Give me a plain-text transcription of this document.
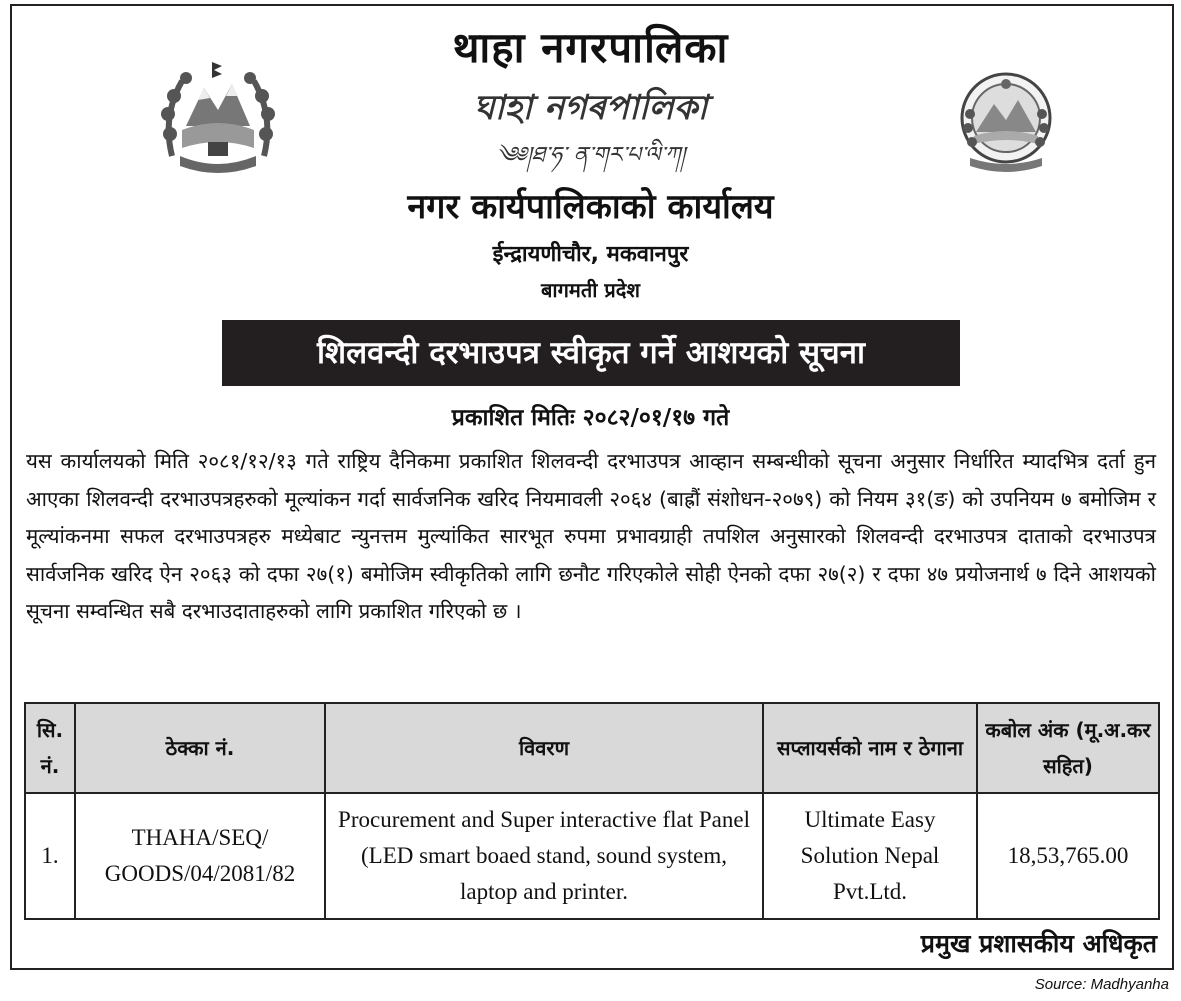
थाहा नगरपालिका
ঘাহা নগৰপালিকা
༄༅།ཐ་ཧ་ ན་གར་པ་ལི་ཀ།
नगर कार्यपालिकाको कार्यालय
ईन्द्रायणीचौर, मकवानपुर
बागमती प्रदेश
शिलवन्दी दरभाउपत्र स्वीकृत गर्ने आशयको सूचना
प्रकाशित मितिः २०८२/०१/१७ गते
यस कार्यालयको मिति २०८१/१२/१३ गते राष्ट्रिय दैनिकमा प्रकाशित शिलवन्दी दरभाउपत्र आव्हान सम्बन्धीको सूचना अनुसार निर्धारित म्यादभित्र दर्ता हुन आएका शिलवन्दी दरभाउपत्रहरुको मूल्यांकन गर्दा सार्वजनिक खरिद नियमावली २०६४ (बाह्रौं संशोधन-२०७९) को नियम ३१(ङ) को उपनियम ७ बमोजिम र मूल्यांकनमा सफल दरभाउपत्रहरु मध्येबाट न्युनत्तम मुल्यांकित सारभूत रुपमा प्रभावग्राही तपशिल अनुसारको शिलवन्दी दरभाउपत्र दाताको दरभाउपत्र सार्वजनिक खरिद ऐन २०६३ को दफा २७(१) बमोजिम स्वीकृतिको लागि छनौट गरिएकोले सोही ऐनको दफा २७(२) र दफा ४७ प्रयोजनार्थ ७ दिने आशयको सूचना सम्वन्धित सबै दरभाउदाताहरुको लागि प्रकाशित गरिएको छ ।
सि. नं.	ठेक्का नं.	विवरण	सप्लायर्सको नाम र ठेगाना	कबोल अंक (मू.अ.कर सहित)
1.	THAHA/SEQ/ GOODS/04/2081/82	Procurement and Super interactive flat Panel (LED smart boaed stand, sound system, laptop and printer.	Ultimate Easy Solution Nepal Pvt.Ltd.	18,53,765.00
प्रमुख प्रशासकीय अधिकृत
Source: Madhyanha
